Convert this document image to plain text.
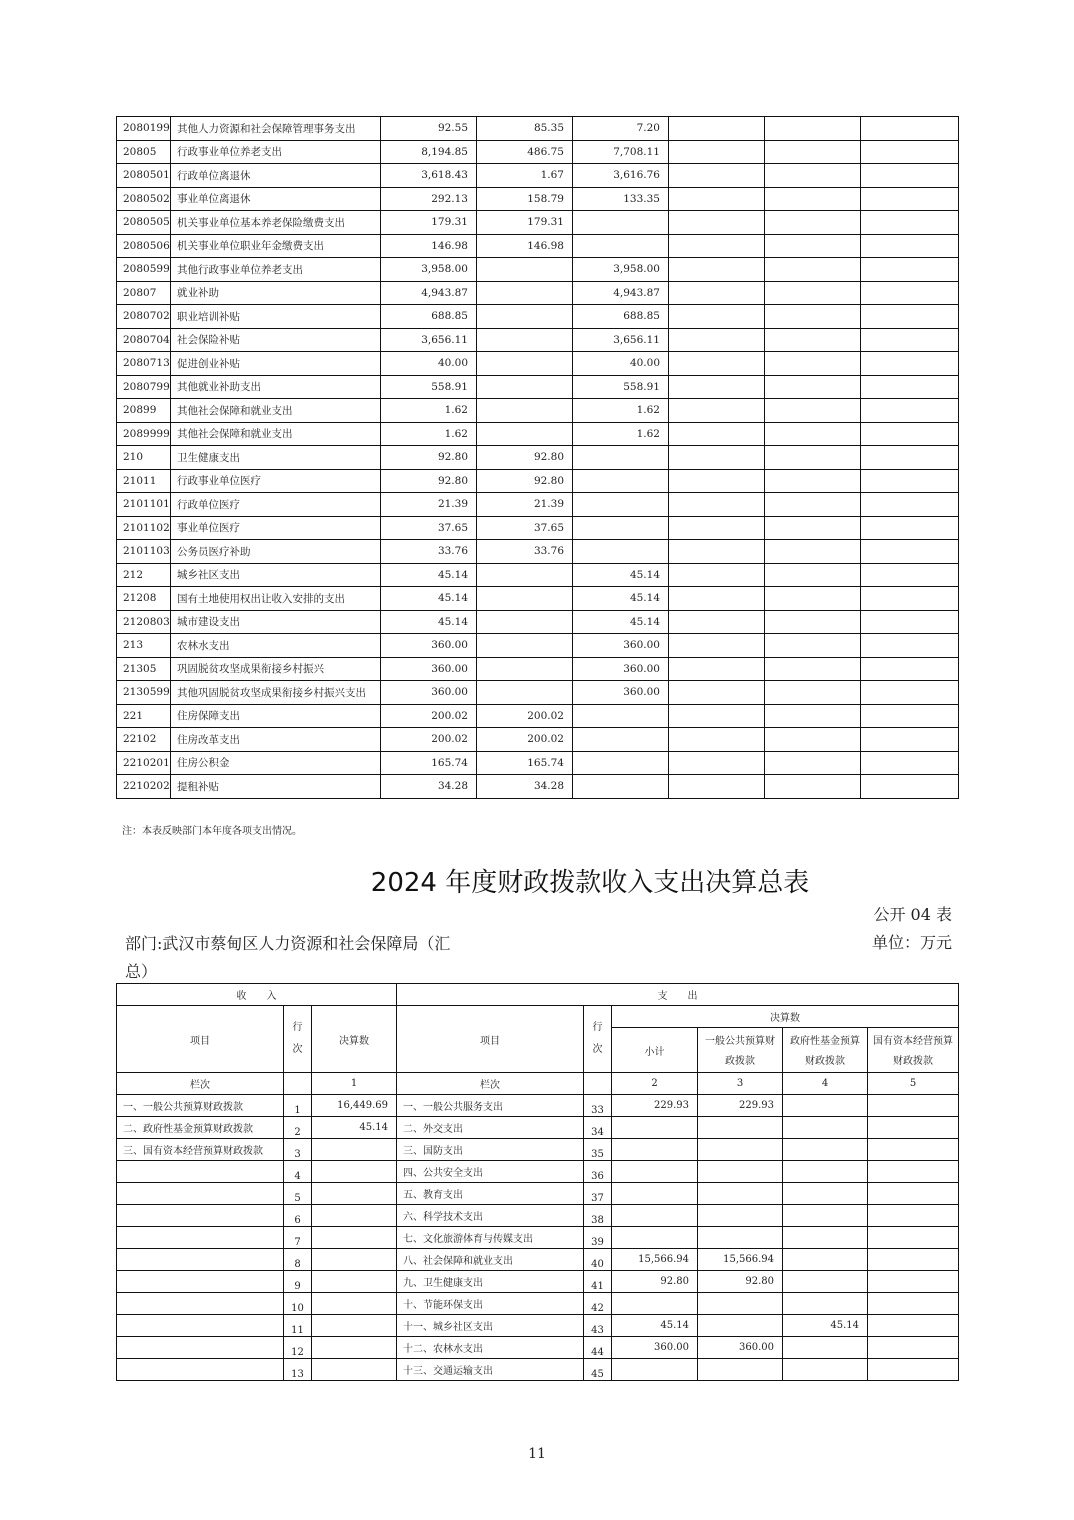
2080199	其他人力资源和社会保障管理事务支出	92.55	85.35	7.20			
20805	行政事业单位养老支出	8,194.85	486.75	7,708.11			
2080501	行政单位离退休	3,618.43	1.67	3,616.76			
2080502	事业单位离退休	292.13	158.79	133.35			
2080505	机关事业单位基本养老保险缴费支出	179.31	179.31				
2080506	机关事业单位职业年金缴费支出	146.98	146.98				
2080599	其他行政事业单位养老支出	3,958.00		3,958.00			
20807	就业补助	4,943.87		4,943.87			
2080702	职业培训补贴	688.85		688.85			
2080704	社会保险补贴	3,656.11		3,656.11			
2080713	促进创业补贴	40.00		40.00			
2080799	其他就业补助支出	558.91		558.91			
20899	其他社会保障和就业支出	1.62		1.62			
2089999	其他社会保障和就业支出	1.62		1.62			
210	卫生健康支出	92.80	92.80				
21011	行政事业单位医疗	92.80	92.80				
2101101	行政单位医疗	21.39	21.39				
2101102	事业单位医疗	37.65	37.65				
2101103	公务员医疗补助	33.76	33.76				
212	城乡社区支出	45.14		45.14			
21208	国有土地使用权出让收入安排的支出	45.14		45.14			
2120803	城市建设支出	45.14		45.14			
213	农林水支出	360.00		360.00			
21305	巩固脱贫攻坚成果衔接乡村振兴	360.00		360.00			
2130599	其他巩固脱贫攻坚成果衔接乡村振兴支出	360.00		360.00			
221	住房保障支出	200.02	200.02				
22102	住房改革支出	200.02	200.02				
2210201	住房公积金	165.74	165.74				
2210202	提租补贴	34.28	34.28				
注：本表反映部门本年度各项支出情况。
2024 年度财政拨款收入支出决算总表
公开 04 表
部门:武汉市蔡甸区人力资源和社会保障局（汇总）
单位：万元
收　　入			支　　出					
项目	行次	决算数	项目	行次	决算数			
					小计	一般公共预算财政拨款	政府性基金预算财政拨款	国有资本经营预算财政拨款

栏次		1	栏次		2	3	4	5
一、一般公共预算财政拨款	1	16,449.69	一、一般公共服务支出	33	229.93	229.93		
二、政府性基金预算财政拨款	2	45.14	二、外交支出	34				
三、国有资本经营预算财政拨款	3		三、国防支出	35				
	4		四、公共安全支出	36				
	5		五、教育支出	37				
	6		六、科学技术支出	38				
	7		七、文化旅游体育与传媒支出	39				
	8		八、社会保障和就业支出	40	15,566.94	15,566.94		
	9		九、卫生健康支出	41	92.80	92.80		
	10		十、节能环保支出	42				
	11		十一、城乡社区支出	43	45.14		45.14	
	12		十二、农林水支出	44	360.00	360.00		
	13		十三、交通运输支出	45				
11
